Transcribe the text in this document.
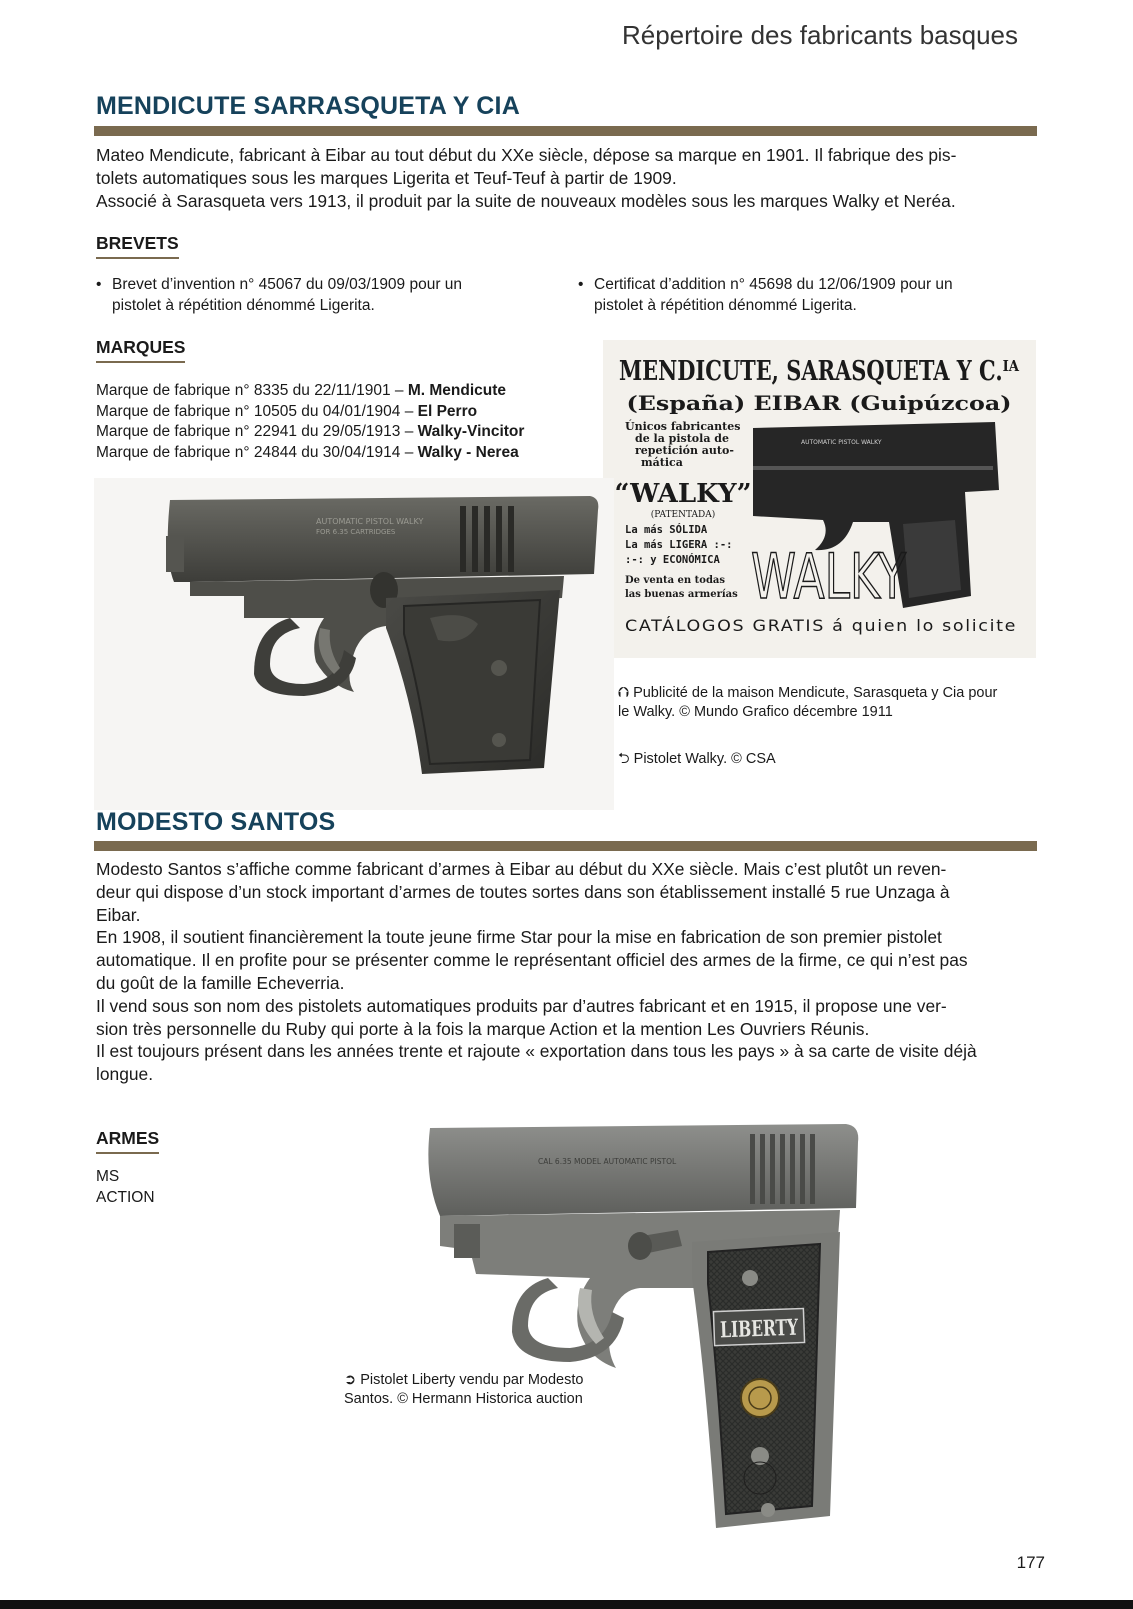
Répertoire des fabricants basques
MENDICUTE SARRASQUETA Y CIA

Mateo Mendicute, fabricant à Eibar au tout début du XXe siècle, dépose sa marque en 1901. Il fabrique des pis-

tolets automatiques sous les marques Ligerita et Teuf-Teuf à partir de 1909.

Associé à Sarasqueta vers 1913, il produit par la suite de nouveaux modèles sous les marques Walky et Neréa.

BREVETS
• Brevet d’invention n° 45067 du 09/03/1909 pour un
pistolet à répétition dénommé Ligerita.
• Certificat d’addition n° 45698 du 12/06/1909 pour un
pistolet à répétition dénommé Ligerita.
MARQUES
Marque de fabrique n° 8335 du 22/11/1901 – M. Mendicute
Marque de fabrique n° 10505 du 04/01/1904 – El Perro
Marque de fabrique n° 22941 du 29/05/1913 – Walky-Vincitor
Marque de fabrique n° 24844 du 30/04/1914 – Walky - Nerea
MENDICUTE, SARASQUETA Y C.ᴵᴬ
(España) EIBAR (Guipúzcoa)
Únicos fabricantes
de la pistola de
repetición auto-
mática
“WALKY”
(PATENTADA)
La más SÓLIDA
La más LIGERA :-:
:-: y ECONÓMICA
De venta en todas
las buenas armerías
AUTOMATIC PISTOL WALKY
WALKY
CATÁLOGOS GRATIS á quien lo solicite
⮉ Publicité de la maison Mendicute, Sarasqueta y Cia pour
le Walky. © Mundo Grafico décembre 1911
⮌ Pistolet Walky. © CSA
AUTOMATIC PISTOL WALKY
FOR 6.35 CARTRIDGES
MODESTO SANTOS

Modesto Santos s’affiche comme fabricant d’armes à Eibar au début du XXe siècle. Mais c’est plutôt un reven-

deur qui dispose d’un stock important d’armes de toutes sortes dans son établissement installé 5 rue Unzaga à

Eibar.

En 1908, il soutient financièrement la toute jeune firme Star pour la mise en fabrication de son premier pistolet

automatique. Il en profite pour se présenter comme le représentant officiel des armes de la firme, ce qui n’est pas

du goût de la famille Echeverria.

Il vend sous son nom des pistolets automatiques produits par d’autres fabricant et en 1915, il propose une ver-

sion très personnelle du Ruby qui porte à la fois la marque Action et la mention Les Ouvriers Réunis.

Il est toujours présent dans les années trente et rajoute « exportation dans tous les pays » à sa carte de visite déjà

longue.

ARMES
MS
ACTION
CAL 6.35 MODEL AUTOMATIC PISTOL
LIBERTY
➲ Pistolet Liberty vendu par Modesto
Santos. © Hermann Historica auction
177
